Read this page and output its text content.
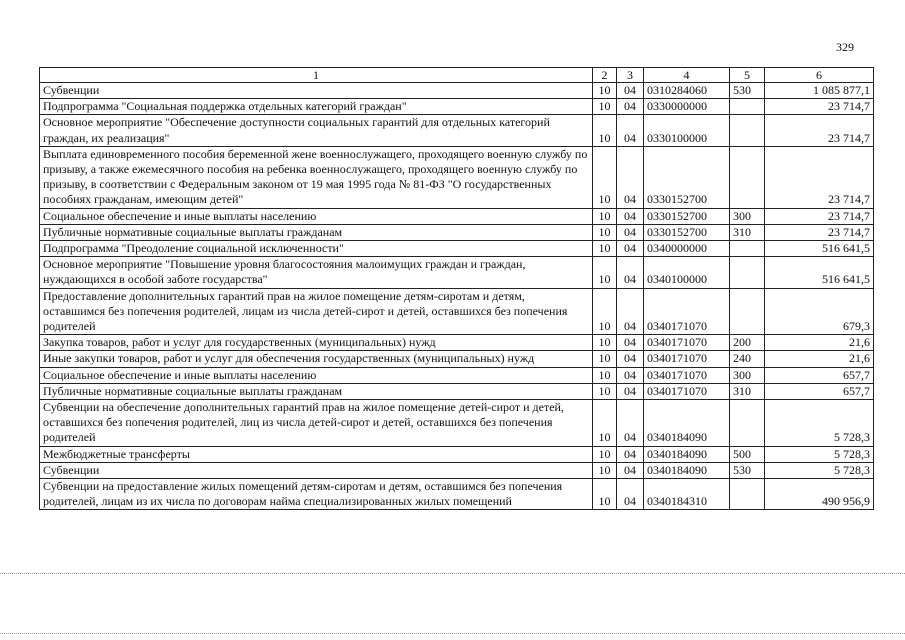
329
1	2	3	4	5	6
Субвенции	10	04	0310284060	530	1 085 877,1
Подпрограмма "Социальная поддержка отдельных категорий граждан"	10	04	0330000000		23 714,7
Основное мероприятие "Обеспечение доступности социальных гарантий для отдельных категорий граждан, их реализация"	10	04	0330100000		23 714,7
Выплата единовременного пособия беременной жене военнослужащего, проходящего военную службу по призыву, а также ежемесячного пособия на ребенка военнослужащего, проходящего военную службу по призыву, в соответствии с Федеральным законом от 19 мая 1995 года № 81-ФЗ "О государственных пособиях гражданам, имеющим детей"	10	04	0330152700		23 714,7
Социальное обеспечение и иные выплаты населению	10	04	0330152700	300	23 714,7
Публичные нормативные социальные выплаты гражданам	10	04	0330152700	310	23 714,7
Подпрограмма "Преодоление социальной исключенности"	10	04	0340000000		516 641,5
Основное мероприятие "Повышение уровня благосостояния малоимущих граждан и граждан, нуждающихся в особой заботе государства"	10	04	0340100000		516 641,5
Предоставление дополнительных гарантий прав на жилое помещение детям-сиротам и детям, оставшимся без попечения родителей, лицам из числа детей-сирот и детей, оставшихся без попечения родителей	10	04	0340171070		679,3
Закупка товаров, работ и услуг для государственных (муниципальных) нужд	10	04	0340171070	200	21,6
Иные закупки товаров, работ и услуг для обеспечения государственных (муниципальных) нужд	10	04	0340171070	240	21,6
Социальное обеспечение и иные выплаты населению	10	04	0340171070	300	657,7
Публичные нормативные социальные выплаты гражданам	10	04	0340171070	310	657,7
Субвенции на обеспечение дополнительных гарантий прав на жилое помещение детей-сирот и детей, оставшихся без попечения родителей, лиц из числа детей-сирот и детей, оставшихся без попечения родителей	10	04	0340184090		5 728,3
Межбюджетные трансферты	10	04	0340184090	500	5 728,3
Субвенции	10	04	0340184090	530	5 728,3
Субвенции на предоставление жилых помещений детям-сиротам и детям, оставшимся без попечения родителей, лицам из их числа по договорам найма специализированных жилых помещений	10	04	0340184310		490 956,9
